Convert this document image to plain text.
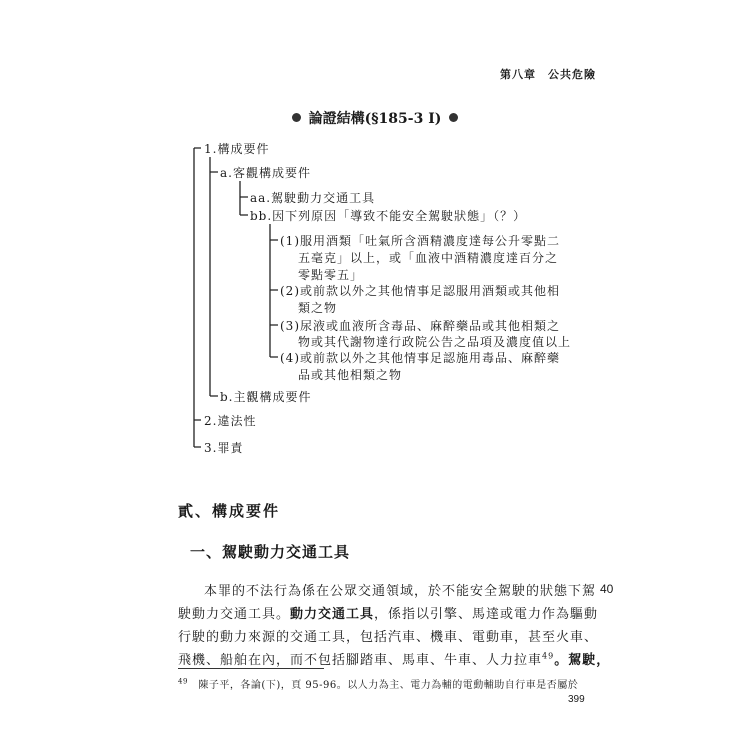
第八章　公共危險
論證結構(§185-3 I)
1.構成要件
a.客觀構成要件
aa.駕駛動力交通工具
bb.因下列原因「導致不能安全駕駛狀態」（？）
(1)服用酒類「吐氣所含酒精濃度達每公升零點二
五毫克」以上，或「血液中酒精濃度達百分之
零點零五」
(2)或前款以外之其他情事足認服用酒類或其他相
類之物
(3)尿液或血液所含毒品、麻醉藥品或其他相類之
物或其代謝物達行政院公告之品項及濃度值以上
(4)或前款以外之其他情事足認施用毒品、麻醉藥
品或其他相類之物
b.主觀構成要件
2.違法性
3.罪責
貳、構成要件
一、駕駛動力交通工具
本罪的不法行為係在公眾交通領域，於不能安全駕駛的狀態下駕
駛動力交通工具。動力交通工具，係指以引擎、馬達或電力作為驅動
行駛的動力來源的交通工具，包括汽車、機車、電動車，甚至火車、
飛機、船舶在內，而不包括腳踏車、馬車、牛車、人力拉車$^{49}$。駕駛，
40
$^{49}$　 陳子平，各論(下)，頁 95-96。以人力為主、電力為輔的電動輔助自行車是否屬於
399
